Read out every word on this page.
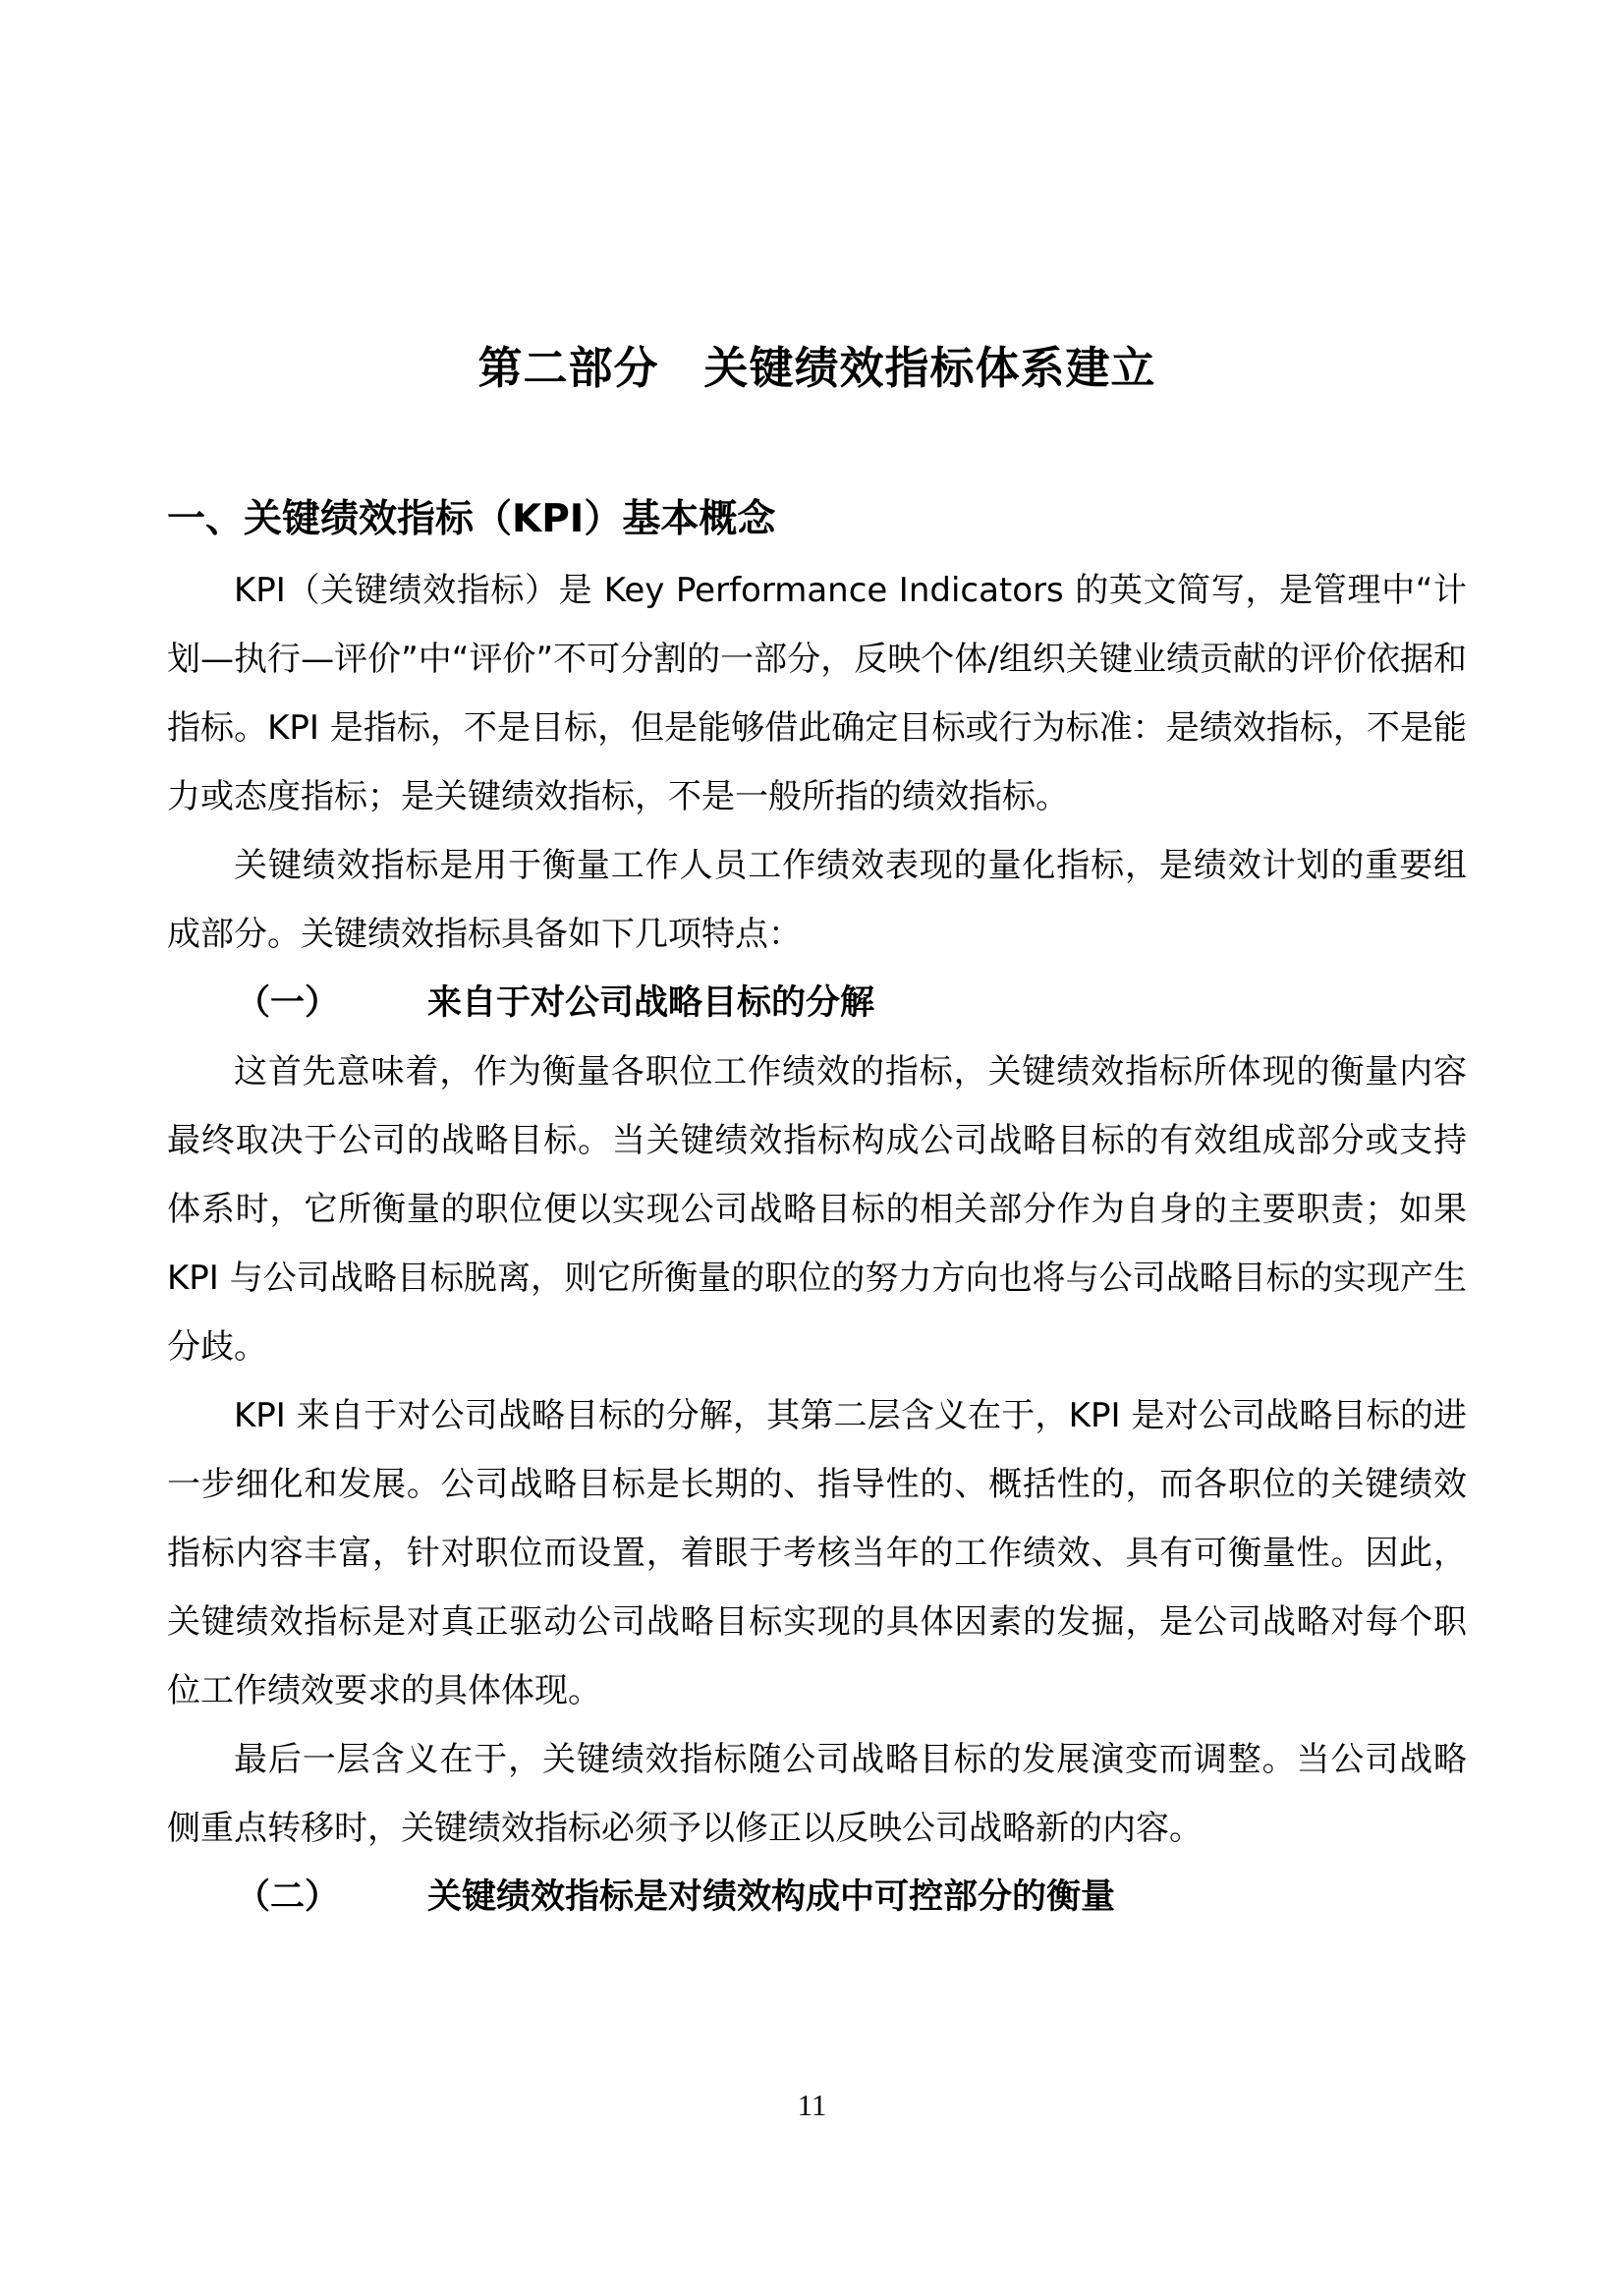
第二部分　关键绩效指标体系建立
一、关键绩效指标（KPI）基本概念

KPI（关键绩效指标）是 Key Performance Indicators 的英文简写，是管理中“计划—执行—评价”中“评价”不可分割的一部分，反映个体/组织关键业绩贡献的评价依据和指标。KPI 是指标，不是目标，但是能够借此确定目标或行为标准：是绩效指标，不是能力或态度指标；是关键绩效指标，不是一般所指的绩效指标。

关键绩效指标是用于衡量工作人员工作绩效表现的量化指标，是绩效计划的重要组成部分。关键绩效指标具备如下几项特点：

（一）	来自于对公司战略目标的分解

这首先意味着，作为衡量各职位工作绩效的指标，关键绩效指标所体现的衡量内容最终取决于公司的战略目标。当关键绩效指标构成公司战略目标的有效组成部分或支持体系时，它所衡量的职位便以实现公司战略目标的相关部分作为自身的主要职责；如果 KPI 与公司战略目标脱离，则它所衡量的职位的努力方向也将与公司战略目标的实现产生分歧。

KPI 来自于对公司战略目标的分解，其第二层含义在于，KPI 是对公司战略目标的进一步细化和发展。公司战略目标是长期的、指导性的、概括性的，而各职位的关键绩效指标内容丰富，针对职位而设置，着眼于考核当年的工作绩效、具有可衡量性。因此，关键绩效指标是对真正驱动公司战略目标实现的具体因素的发掘，是公司战略对每个职位工作绩效要求的具体体现。

最后一层含义在于，关键绩效指标随公司战略目标的发展演变而调整。当公司战略侧重点转移时，关键绩效指标必须予以修正以反映公司战略新的内容。

（二）	关键绩效指标是对绩效构成中可控部分的衡量
11
